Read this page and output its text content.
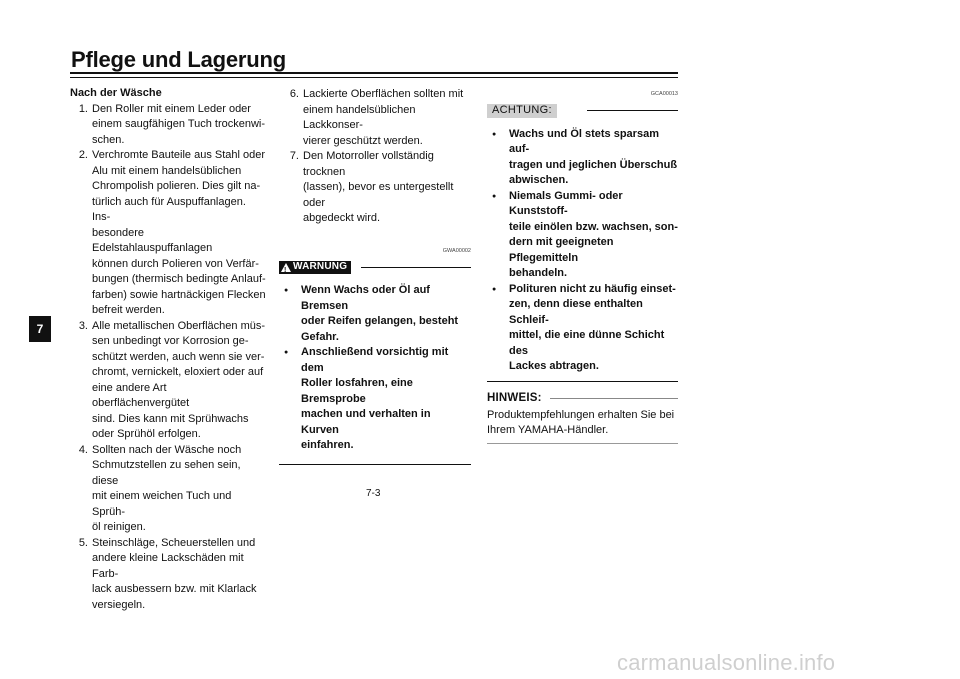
Pflege und Lagerung
7
Nach der Wäsche
1. Den Roller mit einem Leder oder
einem saugfähigen Tuch trockenwi-
schen.
2. Verchromte Bauteile aus Stahl oder
Alu mit einem handelsüblichen
Chrompolish polieren. Dies gilt na-
türlich auch für Auspuffanlagen. Ins-
besondere Edelstahlauspuffanlagen
können durch Polieren von Verfär-
bungen (thermisch bedingte Anlauf-
farben) sowie hartnäckigen Flecken
befreit werden.
3. Alle metallischen Oberflächen müs-
sen unbedingt vor Korrosion ge-
schützt werden, auch wenn sie ver-
chromt, vernickelt, eloxiert oder auf
eine andere Art oberflächenvergütet
sind. Dies kann mit Sprühwachs
oder Sprühöl erfolgen.
4. Sollten nach der Wäsche noch
Schmutzstellen zu sehen sein, diese
mit einem weichen Tuch und Sprüh-
öl reinigen.
5. Steinschläge, Scheuerstellen und
andere kleine Lackschäden mit Farb-
lack ausbessern bzw. mit Klarlack
versiegeln.
6. Lackierte Oberflächen sollten mit
einem handelsüblichen Lackkonser-
vierer geschützt werden.
7. Den Motorroller vollständig trocknen
(lassen), bevor es untergestellt oder
abgedeckt wird.
GWA00002
!
WARNUNG
●	Wenn Wachs oder Öl auf Bremsen
oder Reifen gelangen, besteht
Gefahr.
●	Anschließend vorsichtig mit dem
Roller losfahren, eine Bremsprobe
machen und verhalten in Kurven
einfahren.
GCA00013
ACHTUNG:
●	Wachs und Öl stets sparsam auf-
tragen und jeglichen Überschuß
abwischen.
●	Niemals Gummi- oder Kunststoff-
teile einölen bzw. wachsen, son-
dern mit geeigneten Pflegemitteln
behandeln.
●	Polituren nicht zu häufig einset-
zen, denn diese enthalten Schleif-
mittel, die eine dünne Schicht des
Lackes abtragen.
HINWEIS:
Produktempfehlungen erhalten Sie bei
Ihrem YAMAHA-Händler.
7-3
carmanualsonline.info
